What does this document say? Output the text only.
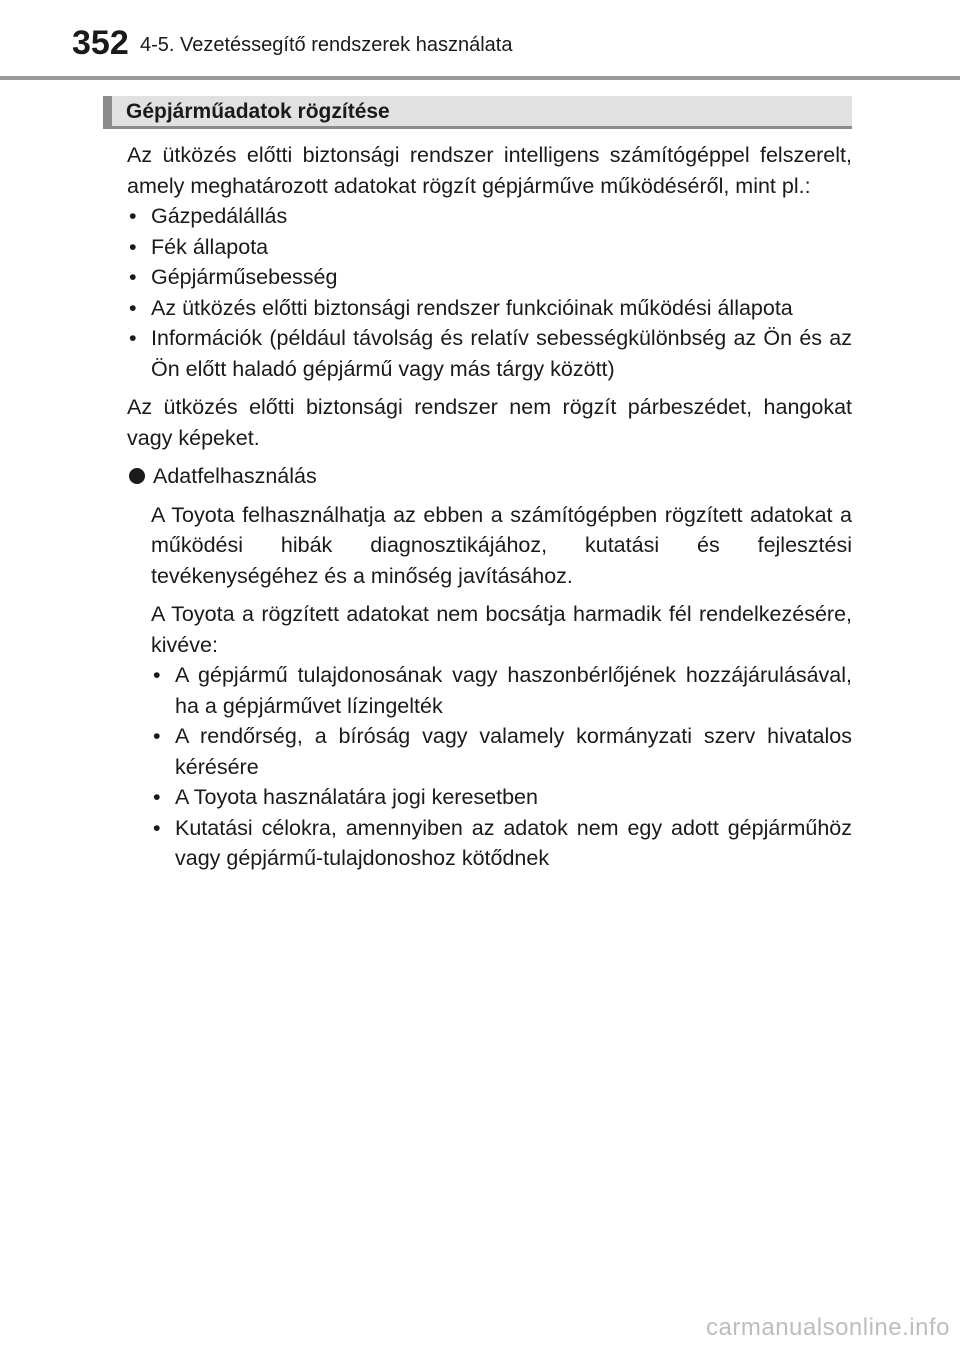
352 4-5. Vezetéssegítő rendszerek használata
Gépjárműadatok rögzítése

Az ütközés előtti biztonsági rendszer intelligens számítógéppel felszerelt, amely meghatározott adatokat rögzít gépjárműve működéséről, mint pl.:

• Gázpedálállás
• Fék állapota
• Gépjárműsebesség
• Az ütközés előtti biztonsági rendszer funkcióinak működési állapota
• Információk (például távolság és relatív sebességkülönbség az Ön és az Ön előtt haladó gépjármű vagy más tárgy között)

Az ütközés előtti biztonsági rendszer nem rögzít párbeszédet, hangokat vagy képeket.

Adatfelhasználás

A Toyota felhasználhatja az ebben a számítógépben rögzített adatokat a működési hibák diagnosztikájához, kutatási és fejlesztési tevékenységéhez és a minőség javításához.

A Toyota a rögzített adatokat nem bocsátja harmadik fél rendelkezésére, kivéve:

• A gépjármű tulajdonosának vagy haszonbérlőjének hozzájárulásával, ha a gépjárművet lízingelték
• A rendőrség, a bíróság vagy valamely kormányzati szerv hivatalos kérésére
• A Toyota használatára jogi keresetben
• Kutatási célokra, amennyiben az adatok nem egy adott gépjárműhöz vagy gépjármű-tulajdonoshoz kötődnek
carmanualsonline.info
